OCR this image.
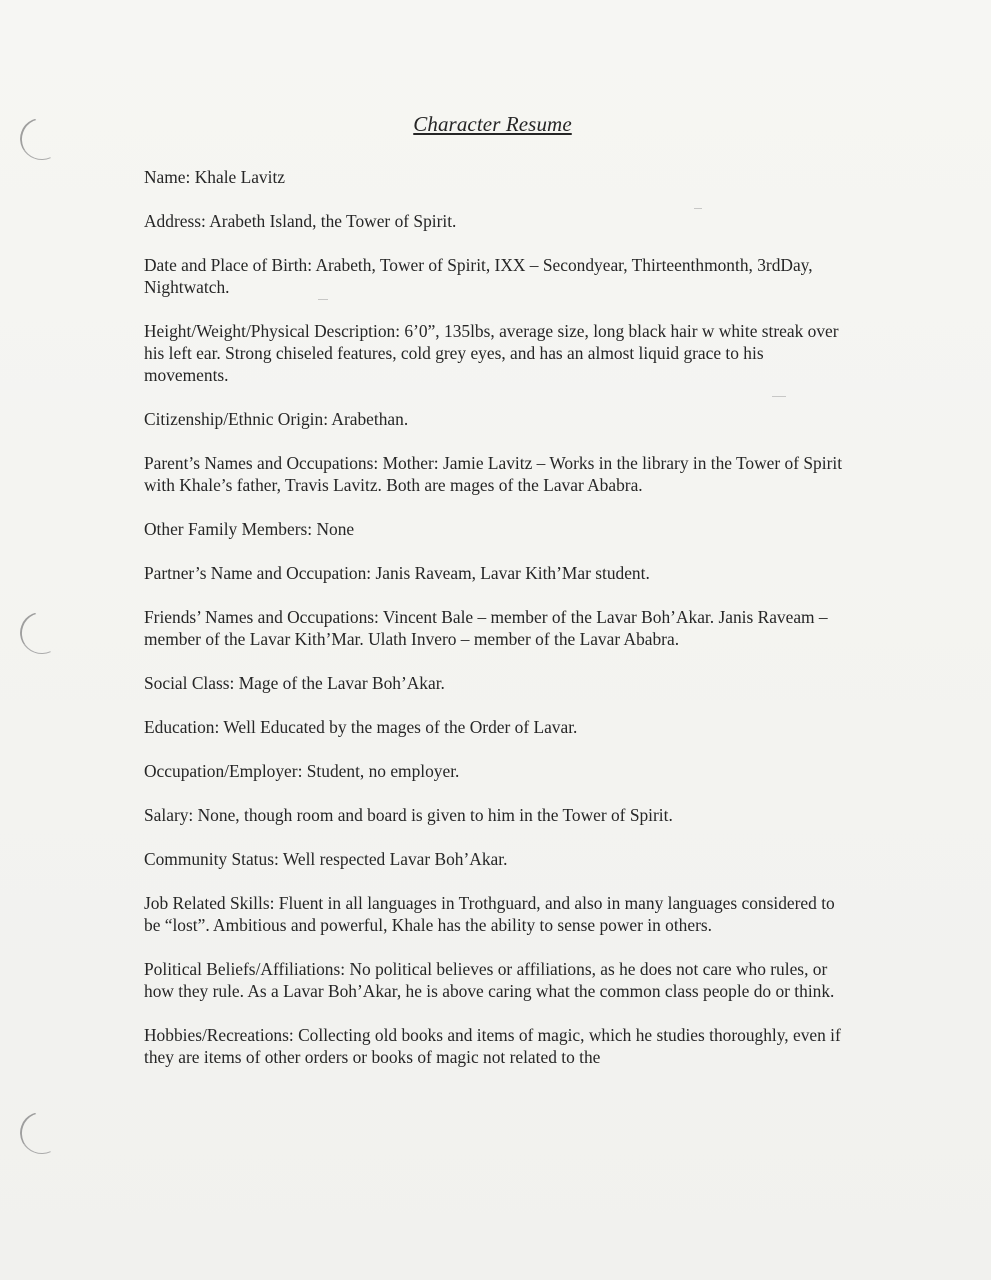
Character Resume

Name: Khale Lavitz

Address: Arabeth Island, the Tower of Spirit.

Date and Place of Birth: Arabeth, Tower of Spirit, IXX – Secondyear, Thirteenthmonth, 3rdDay, Nightwatch.

Height/Weight/Physical Description: 6’0”, 135lbs, average size, long black hair w white streak over his left ear. Strong chiseled features, cold grey eyes, and has an almost liquid grace to his movements.

Citizenship/Ethnic Origin: Arabethan.

Parent’s Names and Occupations: Mother: Jamie Lavitz – Works in the library in the Tower of Spirit with Khale’s father, Travis Lavitz. Both are mages of the Lavar Ababra.

Other Family Members: None

Partner’s Name and Occupation: Janis Raveam, Lavar Kith’Mar student.

Friends’ Names and Occupations: Vincent Bale – member of the Lavar Boh’Akar. Janis Raveam – member of the Lavar Kith’Mar. Ulath Invero – member of the Lavar Ababra.

Social Class: Mage of the Lavar Boh’Akar.

Education: Well Educated by the mages of the Order of Lavar.

Occupation/Employer: Student, no employer.

Salary: None, though room and board is given to him in the Tower of Spirit.

Community Status: Well respected Lavar Boh’Akar.

Job Related Skills: Fluent in all languages in Trothguard, and also in many languages considered to be “lost”. Ambitious and powerful, Khale has the ability to sense power in others.

Political Beliefs/Affiliations: No political believes or affiliations, as he does not care who rules, or how they rule. As a Lavar Boh’Akar, he is above caring what the common class people do or think.

Hobbies/Recreations: Collecting old books and items of magic, which he studies thoroughly, even if they are items of other orders or books of magic not related to the
